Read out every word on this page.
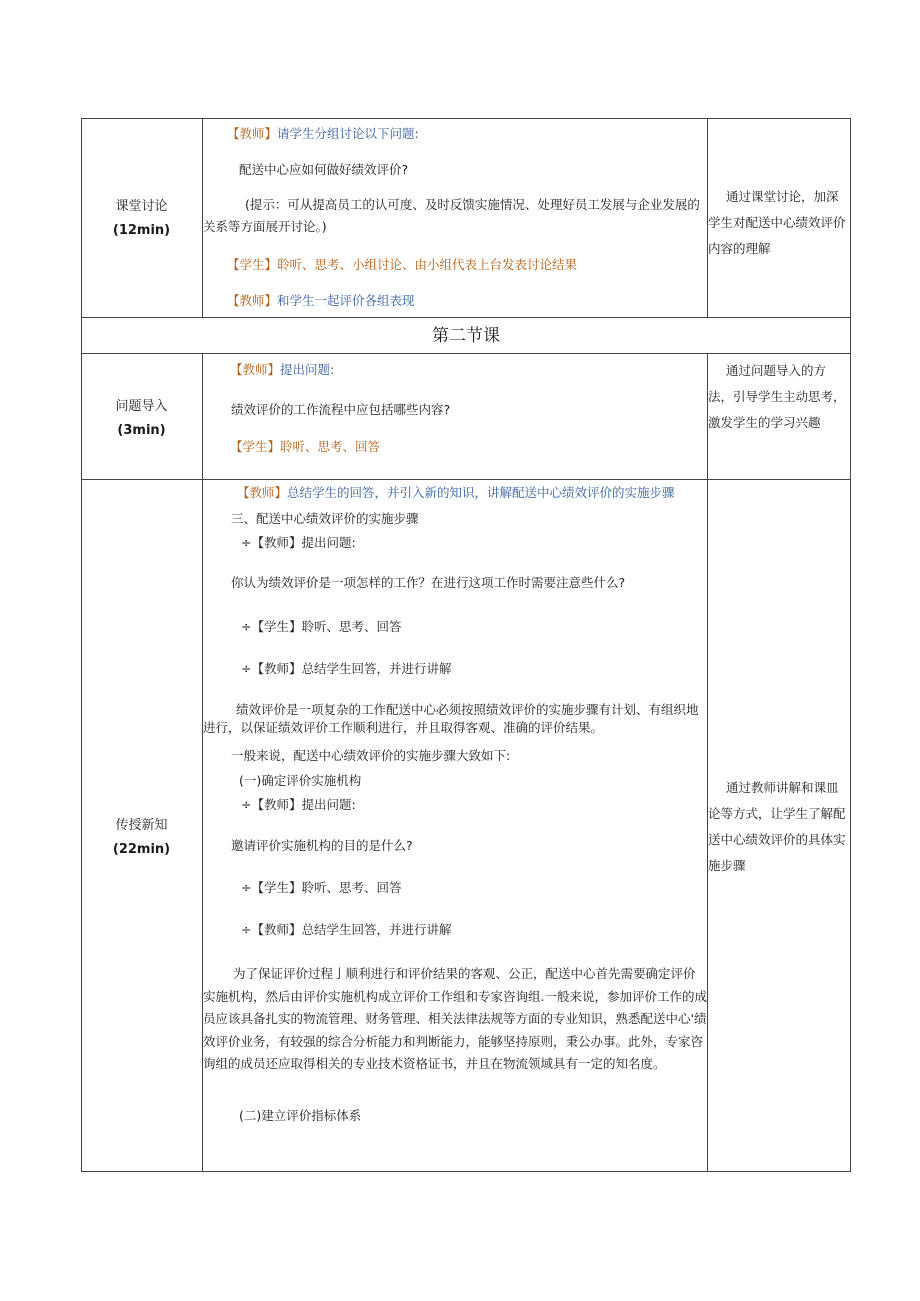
课堂讨论
(12min)
【教师】请学生分组讨论以下问题:
配送中心应如何做好绩效评价?
(提示：可从提高员工的认可度、及时反馈实施情况、处理好员工发展与企业发展的关系等方面展开讨论。)
【学生】聆听、思考、小组讨论、由小组代表上台发表讨论结果
【教师】和学生一起评价各组表现
通过课堂讨论，加深学生对配送中心绩效评价内容的理解
第二节课
问题导入
(3min)
【教师】提出问题:
绩效评价的工作流程中应包括哪些内容?
【学生】聆听、思考、回答
通过问题导入的方法，引导学生主动思考，激发学生的学习兴趣
传授新知
(22min)
【教师】总结学生的回答，并引入新的知识，讲解配送中心绩效评价的实施步骤
三、配送中心绩效评价的实施步骤
÷【教师】提出问题:
你认为绩效评价是一项怎样的工作？在进行这项工作时需要注意些什么?
÷【学生】聆听、思考、回答
÷【教师】总结学生回答，并进行讲解
绩效评价是一项复杂的工作配送中心必须按照绩效评价的实施步骤有计划、有组织地进行，以保证绩效评价工作顺利进行，并且取得客观、准确的评价结果。
一般来说，配送中心绩效评价的实施步骤大致如下:
(一)确定评价实施机构
÷【教师】提出问题:
邀请评价实施机构的目的是什么?
÷【学生】聆听、思考、回答
÷【教师】总结学生回答，并进行讲解
为了保证评价过程亅顺利进行和评价结果的客观、公正，配送中心首先需要确定评价实施机构，然后由评价实施机构成立评价工作组和专家咨询组.一般来说，参加评价工作的成员应该具备扎实的物流管理、财务管理、相关法律法规等方面的专业知识，熟悉配送中心'绩效评价业务，有较强的综合分析能力和判断能力，能够坚持原则，秉公办事。此外，专家咨询组的成员还应取得相关的专业技术资格证书，并且在物流领域具有一定的知名度。
(二)建立评价指标体系
通过教师讲解和课皿论等方式，让学生了解配送中心绩效评价的具体实施步骤
